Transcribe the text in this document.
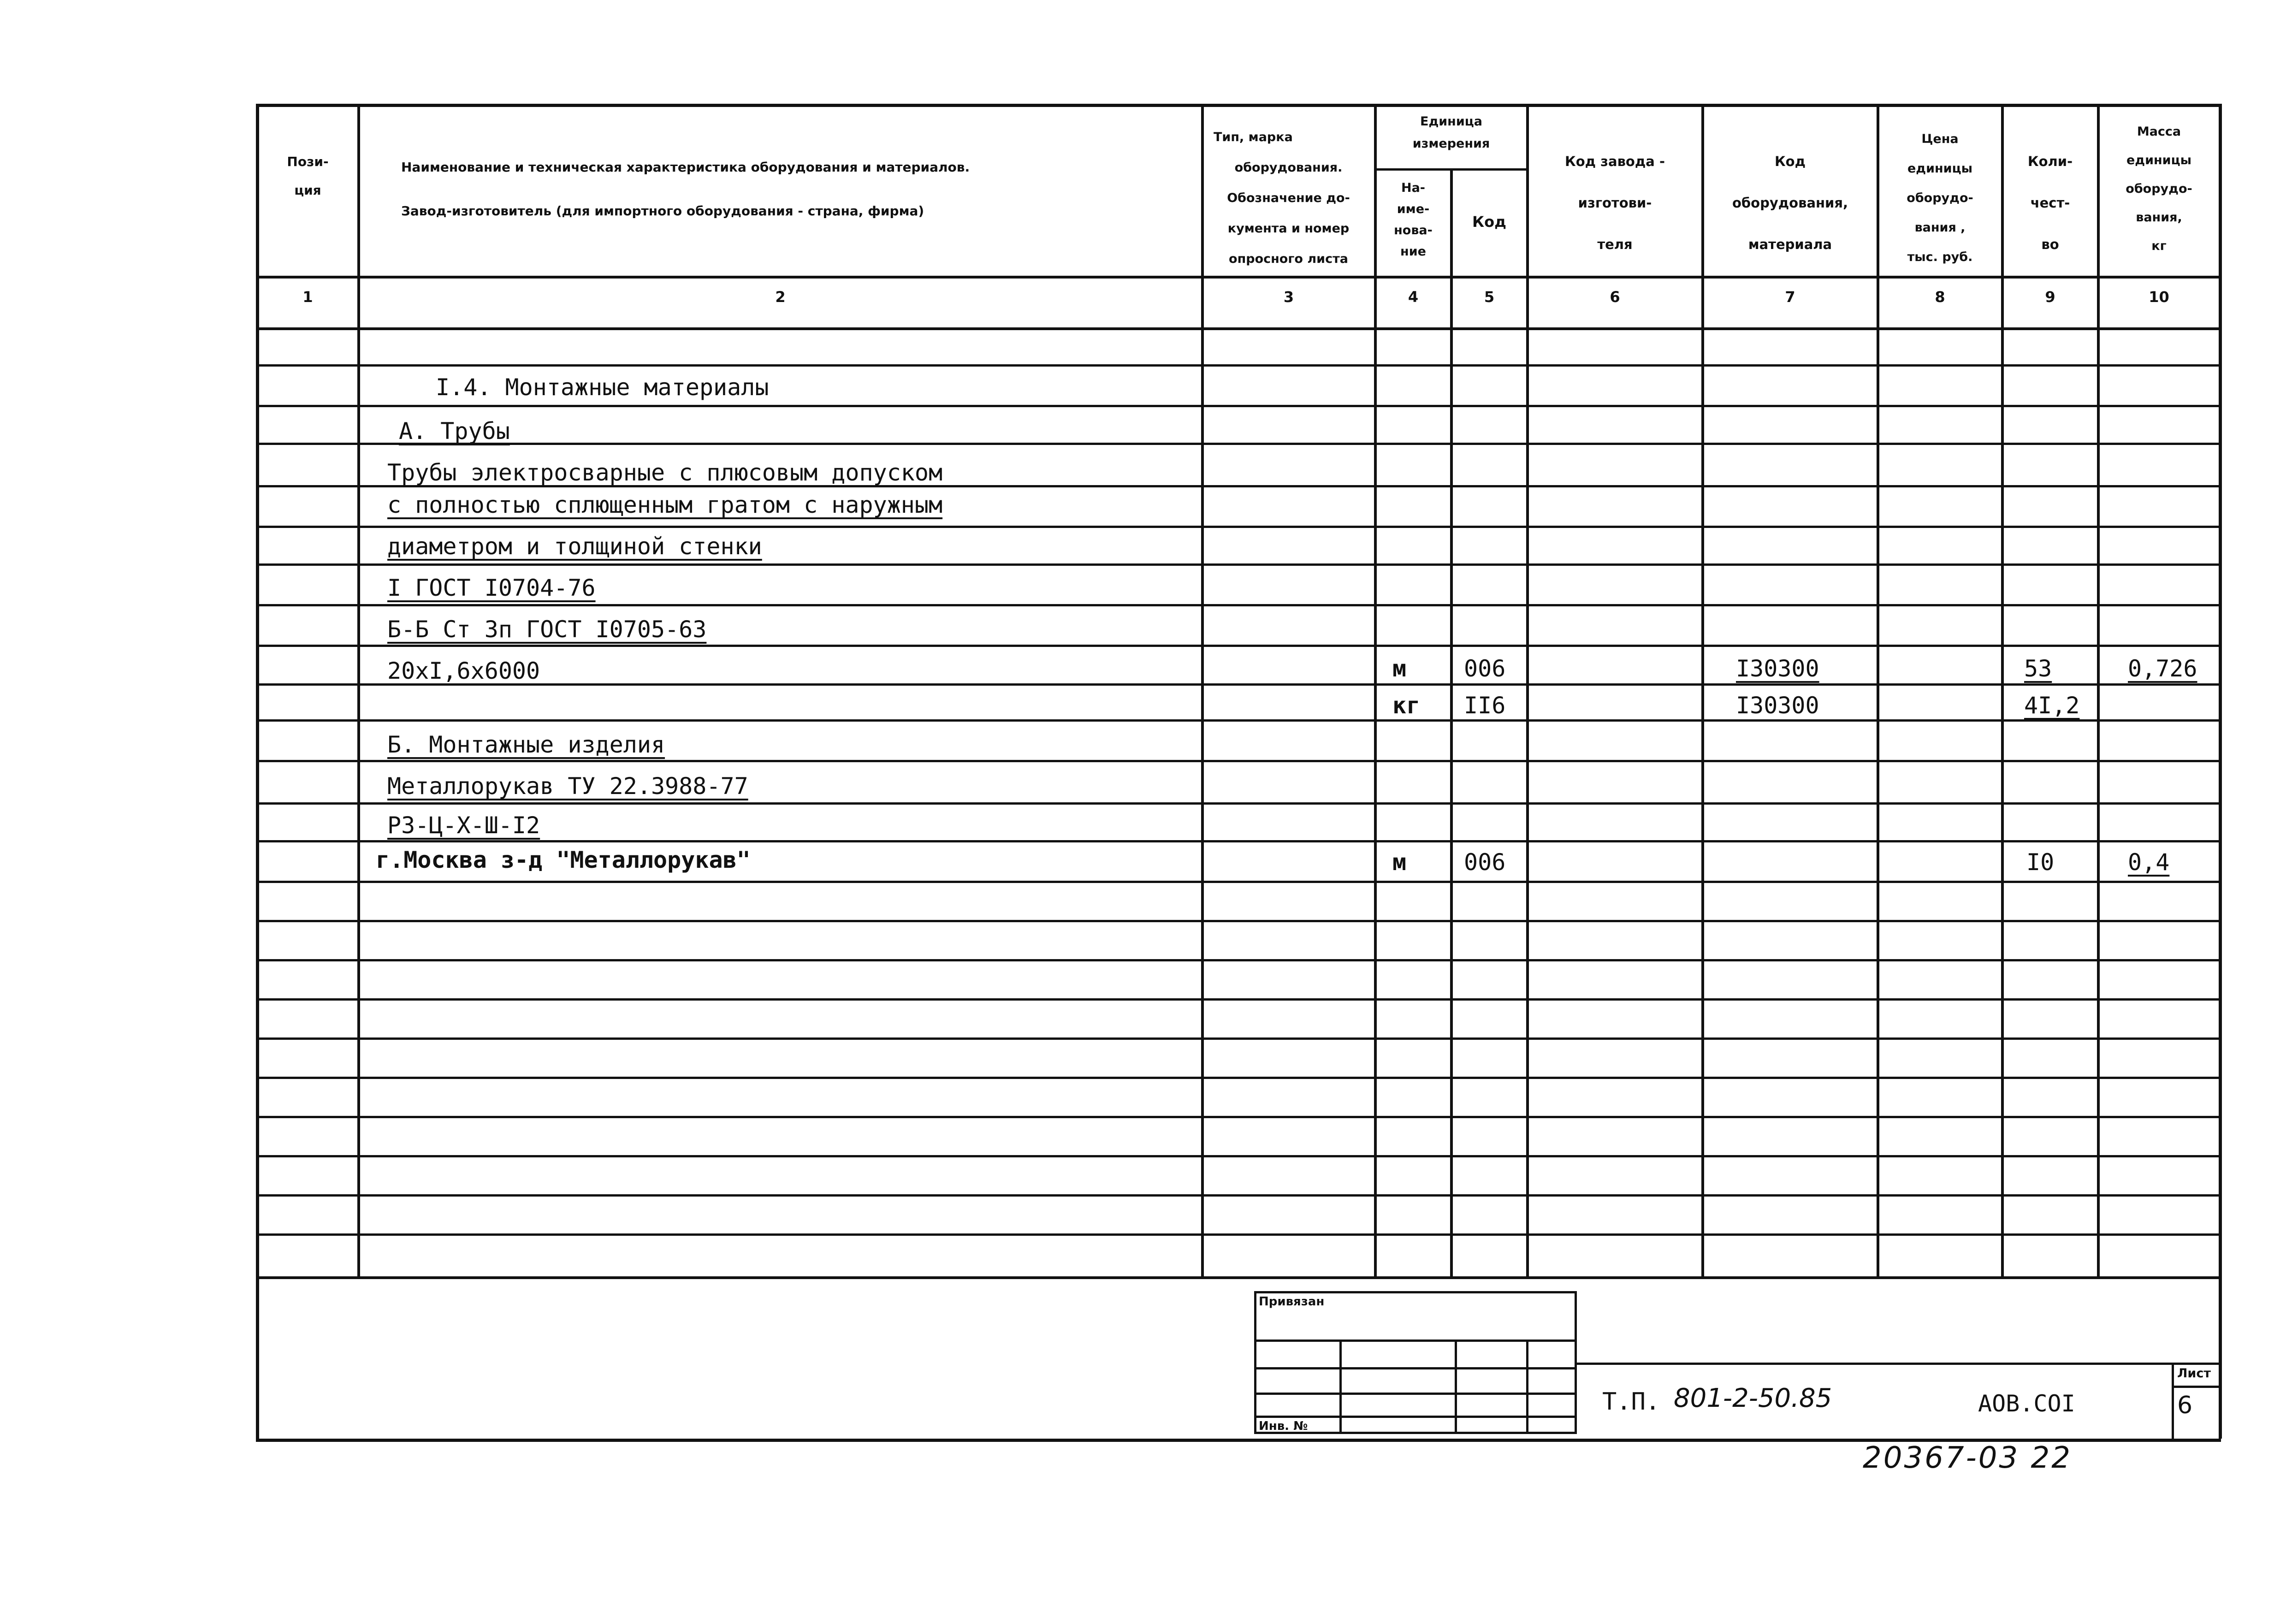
Пози-
ция
Наименование и техническая характеристика оборудования и материалов.
Завод-изготовитель (для импортного оборудования - страна, фирма)
Тип, марка
оборудования.
Обозначение до-
кумента и номер
опросного листа
Единица
измерения
На-
име-
нова-
ние
Код
Код завода -
изготови-
теля
Код
оборудования,
материала
Цена
единицы
оборудо-
вания ,
тыс. руб.
Коли-
чест-
во
Масса
единицы
оборудо-
вания,
кг
1	2	3	4	5	6	7	8	9	10
I.4. Монтажные материалы
А. Трубы
Трубы электросварные с плюсовым допуском
с полностью сплющенным гратом с наружным
диаметром и толщиной стенки
I ГОСТ I0704-76
Б-Б Ст 3п ГОСТ I0705-63
20хI,6х6000	м 006	I30300	53	0,726
кг II6	I30300	4I,2
Б. Монтажные изделия
Металлорукав ТУ 22.3988-77
Р3-Ц-Х-Ш-I2
г.Москва з-д "Металлорукав"	м 006	I0	0,4
Привязан
Инв. №
Т.П. 801-2-50.85	АОВ.СОI
Лист
6
20367-03 22
